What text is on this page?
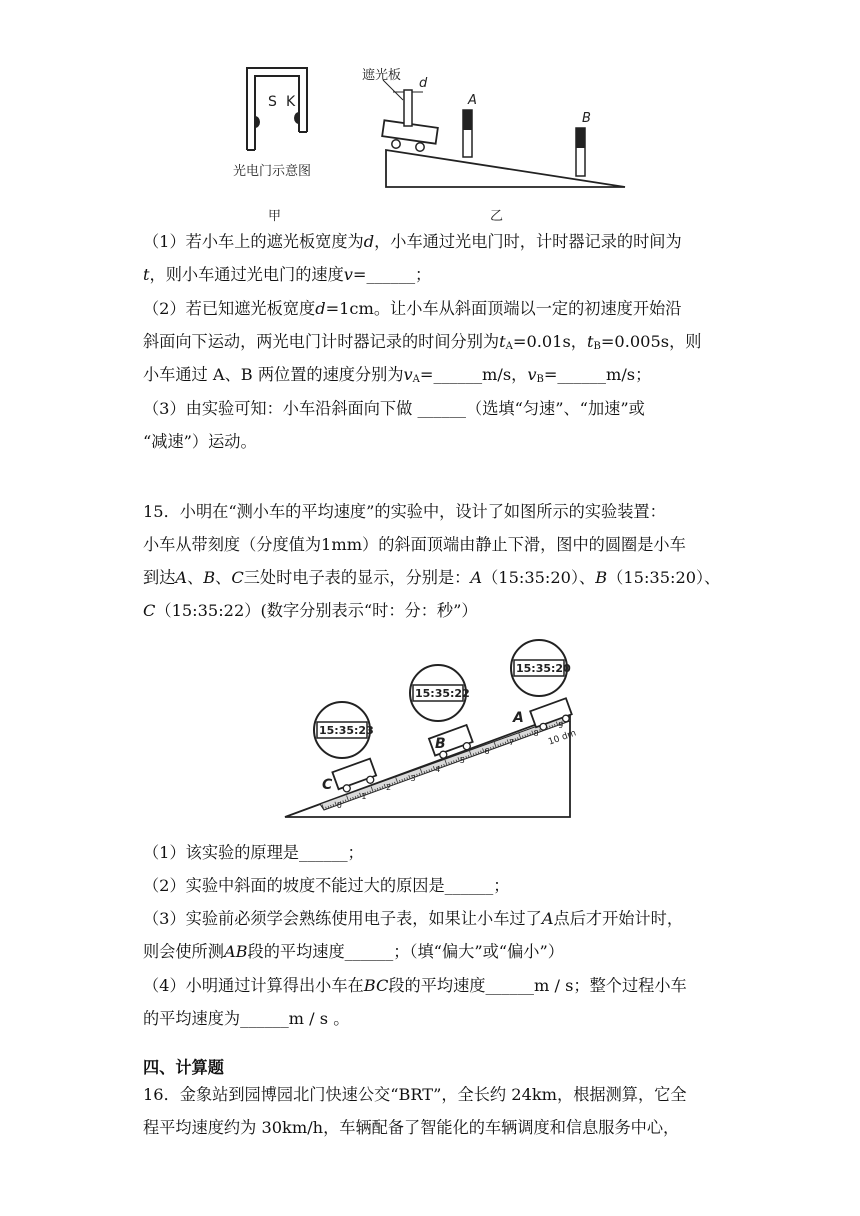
S K
光电门示意图
遮光板
d
A
B
甲	乙
（1）若小车上的遮光板宽度为d，小车通过光电门时，计时器记录的时间为
t，则小车通过光电门的速度v=______；
（2）若已知遮光板宽度d=1cm。让小车从斜面顶端以一定的初速度开始沿
斜面向下运动，两光电门计时器记录的时间分别为$t_A=0.01s$，$t_B=0.005s$，则
小车通过 A、B 两位置的速度分别为$v_A=\_\_\_\_\_\_m/s$，$v_B=\_\_\_\_\_\_m/s$；
（3）由实验可知：小车沿斜面向下做 ______（选填“匀速”、“加速”或
“减速”）运动。
15．小明在“测小车的平均速度”的实验中，设计了如图所示的实验装置：
小车从带刻度（分度值为1mm）的斜面顶端由静止下滑，图中的圆圈是小车
到达A、B、C三处时电子表的显示，分别是：A（15:35:20）、B（15:35:20）、
C（15:35:22）(数字分别表示“时：分：秒”）
15:35:23
15:35:22
15:35:20
C
B
A
10 dm
0
1
2
3
4
5
6
7
8
9
（1）该实验的原理是______；
（2）实验中斜面的坡度不能过大的原因是______；
（3）实验前必须学会熟练使用电子表，如果让小车过了A点后才开始计时，
则会使所测AB段的平均速度______；（填“偏大”或“偏小”）
（4）小明通过计算得出小车在BC段的平均速度______m / s；整个过程小车
的平均速度为______m / s 。
四、计算题
16．金象站到园博园北门快速公交“BRT”，全长约 24km，根据测算，它全
程平均速度约为 30km/h，车辆配备了智能化的车辆调度和信息服务中心，
